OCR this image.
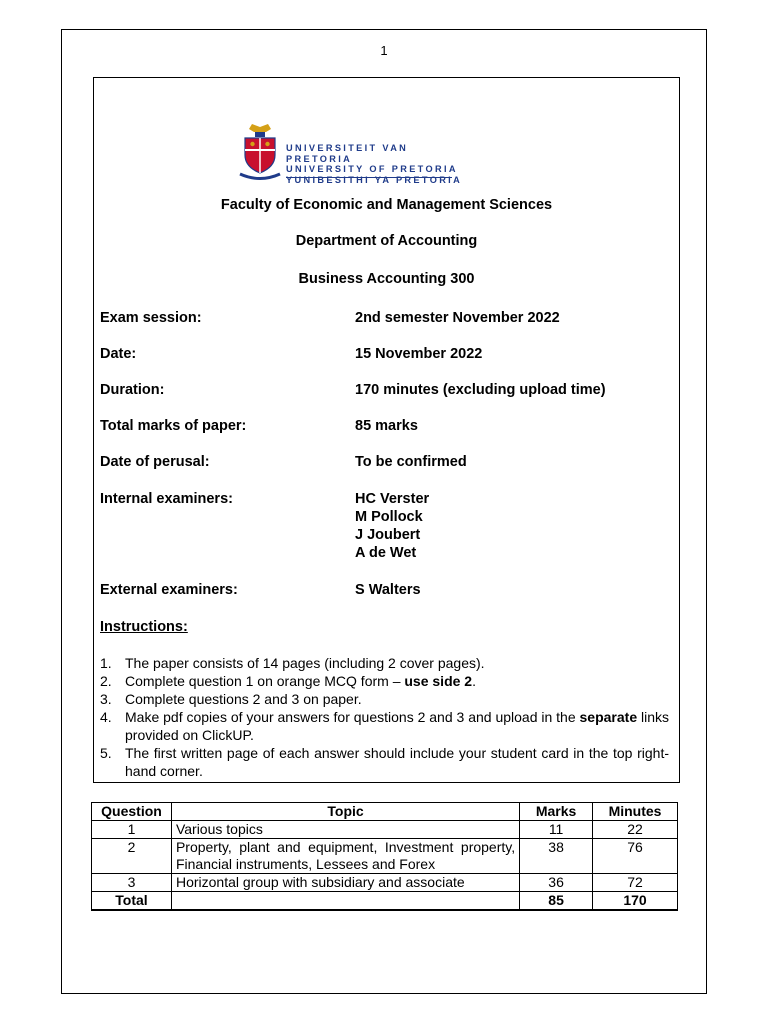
1
UNIVERSITEIT VAN PRETORIA
UNIVERSITY OF PRETORIA
YUNIBESITHI YA PRETORIA
Faculty of Economic and Management Sciences
Department of Accounting
Business Accounting 300
Exam session:	2nd semester November 2022
Date:	15 November 2022
Duration:	170 minutes (excluding upload time)
Total marks of paper:	85 marks
Date of perusal:	To be confirmed
Internal examiners:	HC Verster
M Pollock
J Joubert
A de Wet
External examiners:	S Walters
Instructions:
1. The paper consists of 14 pages (including 2 cover pages).
2. Complete question 1 on orange MCQ form – use side 2.
3. Complete questions 2 and 3 on paper.
4. Make pdf copies of your answers for questions 2 and 3 and upload in the separate links provided on ClickUP.
5. The first written page of each answer should include your student card in the top right-hand corner.
Question	Topic	Marks	Minutes
1	Various topics	11	22
2	Property, plant and equipment, Investment property, Financial instruments, Lessees and Forex	38	76
3	Horizontal group with subsidiary and associate	36	72
Total		85	170
